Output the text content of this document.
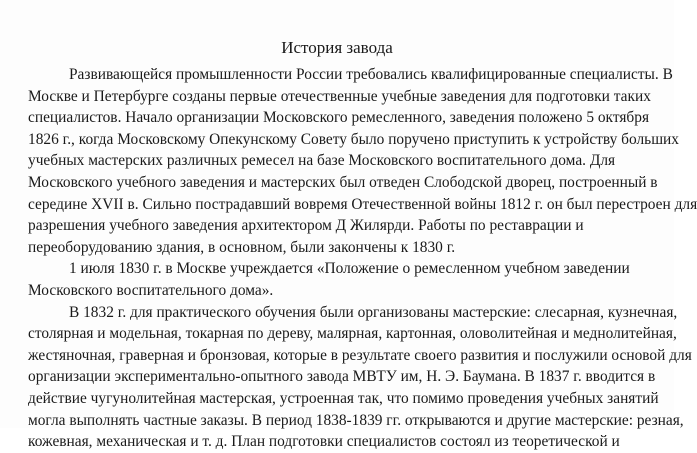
История завода
Развивающейся промышленности России требовались квалифицированные специалисты. В
Москве и Петербурге созданы первые отечественные учебные заведения для подготовки таких
специалистов. Начало организации Московского ремесленного, заведения положено 5 октября
1826 г., когда Московскому Опекунскому Совету было поручено приступить к устройству больших
учебных мастерских различных ремесел на базе Московского воспитательного дома. Для
Московского учебного заведения и мастерских был отведен Слободской дворец, построенный в
середине XVII в. Сильно пострадавший вовремя Отечественной войны 1812 г. он был перестроен для
разрешения учебного заведения архитектором Д Жилярди. Работы по реставрации и
переоборудованию здания, в основном, были закончены к 1830 г.
1 июля 1830 г. в Москве учреждается «Положение о ремесленном учебном заведении
Московского воспитательного дома».
В 1832 г. для практического обучения были организованы мастерские: слесарная, кузнечная,
столярная и модельная, токарная по дереву, малярная, картонная, оловолитейная и меднолитейная,
жестяночная, граверная и бронзовая, которые в результате своего развития и послужили основой для
организации экспериментально-опытного завода МВТУ им, Н. Э. Баумана. В 1837 г. вводится в
действие чугунолитейная мастерская, устроенная так, что помимо проведения учебных занятий
могла выполнять частные заказы. В период 1838-1839 гг. открываются и другие мастерские: резная,
кожевная, механическая и т. д. План подготовки специалистов состоял из теоретической и
